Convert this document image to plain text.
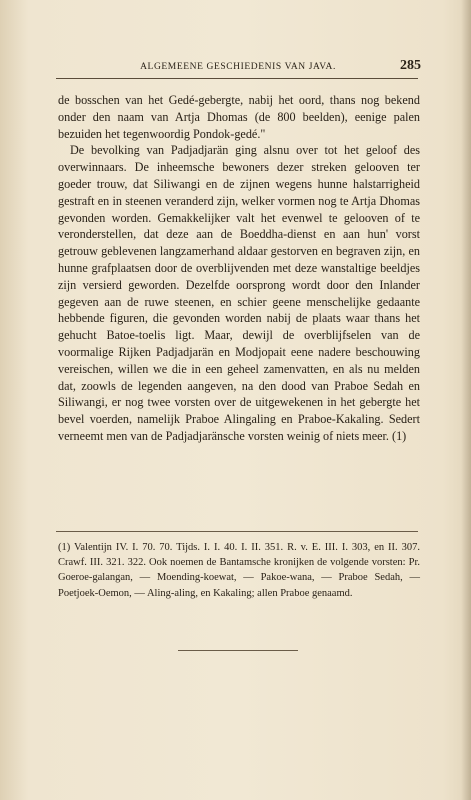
ALGEMEENE GESCHIEDENIS VAN JAVA.	285

de bosschen van het Gedé-gebergte, nabij het oord, thans nog bekend onder den naam van Artja Dhomas (de 800 beelden), eenige palen bezuiden het tegenwoordig Pondok-gedé."

De bevolking van Padjadjarän ging alsnu over tot het geloof des overwinnaars. De inheemsche bewoners dezer streken gelooven ter goeder trouw, dat Siliwangi en de zijnen wegens hunne halstarrigheid gestraft en in steenen veranderd zijn, welker vormen nog te Artja Dhomas gevonden worden. Gemakkelijker valt het evenwel te gelooven of te veronderstellen, dat deze aan de Boeddha-dienst en aan hun' vorst getrouw geblevenen langzamerhand aldaar gestorven en begraven zijn, en hunne grafplaatsen door de overblijvenden met deze wanstaltige beeldjes zijn versierd geworden. Dezelfde oorsprong wordt door den Inlander gegeven aan de ruwe steenen, en schier geene menschelijke gedaante hebbende figuren, die gevonden worden nabij de plaats waar thans het gehucht Batoe-toelis ligt. Maar, dewijl de overblijfselen van de voormalige Rijken Padjadjarän en Modjopait eene nadere beschouwing vereischen, willen we die in een geheel zamenvatten, en als nu melden dat, zoowls de legenden aangeven, na den dood van Praboe Sedah en Siliwangi, er nog twee vorsten over de uitgewekenen in het gebergte het bevel voerden, namelijk Praboe Alingaling en Praboe-Kakaling. Sedert verneemt men van de Padjadjaränsche vorsten weinig of niets meer. (1)

(1) Valentijn IV. I. 70. 70. Tijds. I. I. 40. I. II. 351. R. v. E. III. I. 303, en II. 307. Crawf. III. 321. 322. Ook noemen de Bantamsche kronijken de volgende vorsten: Pr. Goeroe-galangan, — Moending-koewat, — Pakoe-wana, — Praboe Sedah, — Poetjoek-Oemon, — Aling-aling, en Kakaling; allen Praboe genaamd.
